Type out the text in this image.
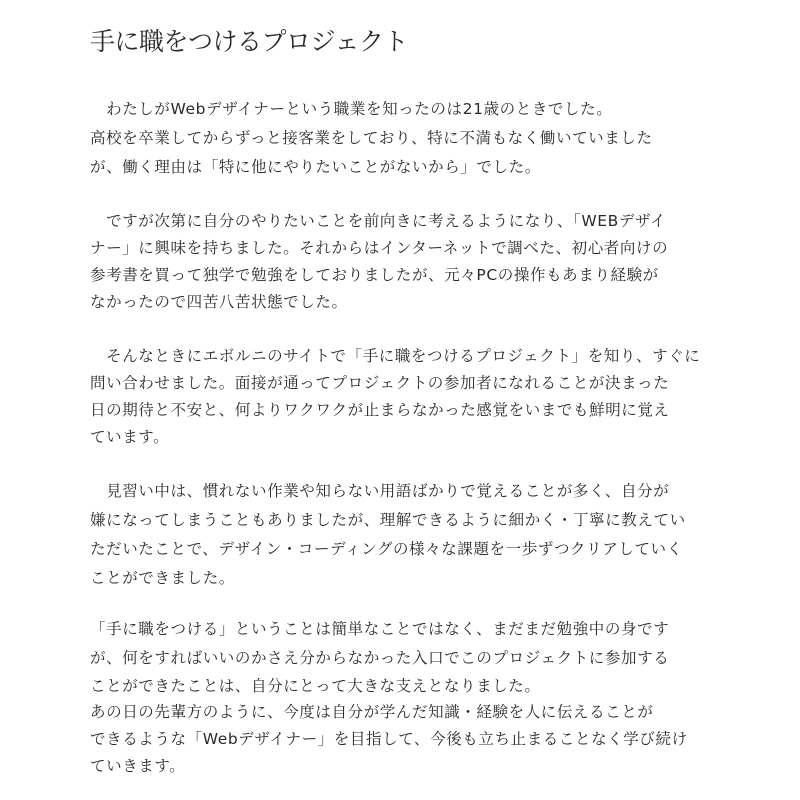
手に職をつけるプロジェクト

　わたしがWebデザイナーという職業を知ったのは21歳のときでした。

高校を卒業してからずっと接客業をしており、特に不満もなく働いていました

が、働く理由は「特に他にやりたいことがないから」でした。

　ですが次第に自分のやりたいことを前向きに考えるようになり、「WEBデザイ

ナー」に興味を持ちました。それからはインターネットで調べた、初心者向けの

参考書を買って独学で勉強をしておりましたが、元々PCの操作もあまり経験が

なかったので四苦八苦状態でした。

　そんなときにエボルニのサイトで「手に職をつけるプロジェクト」を知り、すぐに

問い合わせました。面接が通ってプロジェクトの参加者になれることが決まった

日の期待と不安と、何よりワクワクが止まらなかった感覚をいまでも鮮明に覚え

ています。

　見習い中は、慣れない作業や知らない用語ばかりで覚えることが多く、自分が

嫌になってしまうこともありましたが、理解できるように細かく・丁寧に教えてい

ただいたことで、デザイン・コーディングの様々な課題を一歩ずつクリアしていく

ことができました。

「手に職をつける」ということは簡単なことではなく、まだまだ勉強中の身です

が、何をすればいいのかさえ分からなかった入口でこのプロジェクトに参加する

ことができたことは、自分にとって大きな支えとなりました。

あの日の先輩方のように、今度は自分が学んだ知識・経験を人に伝えることが

できるような「Webデザイナー」を目指して、今後も立ち止まることなく学び続け

ていきます。
